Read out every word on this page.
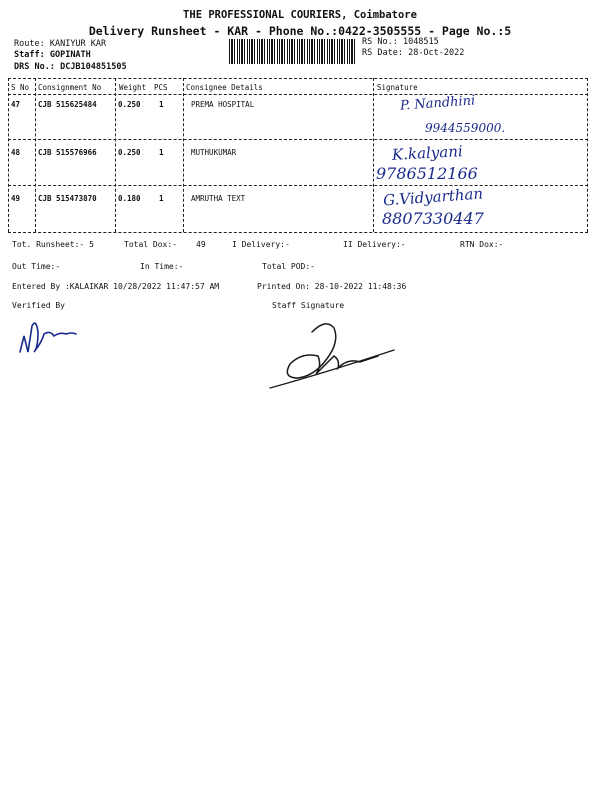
THE PROFESSIONAL COURIERS, Coimbatore
Delivery Runsheet - KAR - Phone No.:0422-3505555 - Page No.:5
Route: KANIYUR KAR
Staff: GOPINATH
DRS No.: DCJB104851505
RS No.: 1048515
RS Date: 28-Oct-2022
S No Consignment No Weight PCS Consignee Details	Signature
47 CJB 515625484	0.250 1	PREMA HOSPITAL	P. Nandhini
9944559000.
48 CJB 515576966	0.250 1	MUTHUKUMAR	K.kalyani
9786512166
49 CJB 515473870	0.180 1	AMRUTHA TEXT	G.Vidyarthan
8807330447
Tot. Runsheet:- 5	Total Dox:- 49	I Delivery:-	II Delivery:-	RTN Dox:-
Out Time:-	In Time:-	Total POD:-
Entered By :KALAIKAR 10/28/2022 11:47:57 AM	Printed On: 28-10-2022 11:48:36
Verified By	Staff Signature
